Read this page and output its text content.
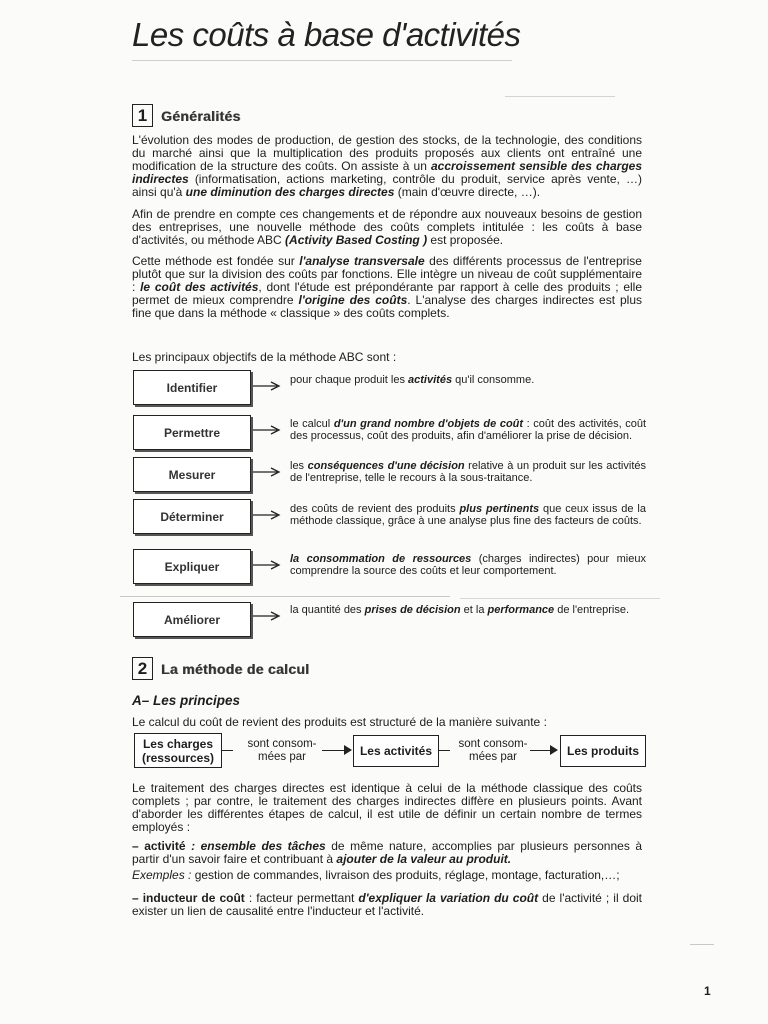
Les coûts à base d'activités
1 Généralités

L'évolution des modes de production, de gestion des stocks, de la technologie, des conditions du marché ainsi que la multiplication des produits proposés aux clients ont entraîné une modification de la structure des coûts. On assiste à un accroissement sensible des charges indirectes (informatisation, actions marketing, contrôle du produit, service après vente, …) ainsi qu'à une diminution des charges directes (main d'œuvre directe, …).

Afin de prendre en compte ces changements et de répondre aux nouveaux besoins de gestion des entreprises, une nouvelle méthode des coûts complets intitulée : les coûts à base d'activités, ou méthode ABC (Activity Based Costing ) est proposée.

Cette méthode est fondée sur l'analyse transversale des différents processus de l'entreprise plutôt que sur la division des coûts par fonctions. Elle intègre un niveau de coût supplémentaire : le coût des activités, dont l'étude est prépondérante par rapport à celle des produits ; elle permet de mieux comprendre l'origine des coûts. L'analyse des charges indirectes est plus fine que dans la méthode « classique » des coûts complets.

Les principaux objectifs de la méthode ABC sont :
Identifier
pour chaque produit les activités qu'il consomme.
Permettre
le calcul d'un grand nombre d'objets de coût : coût des activités, coût des processus, coût des produits, afin d'améliorer la prise de décision.
Mesurer
les conséquences d'une décision relative à un produit sur les activités de l'entreprise, telle le recours à la sous-traitance.
Déterminer
des coûts de revient des produits plus pertinents que ceux issus de la méthode classique, grâce à une analyse plus fine des facteurs de coûts.
Expliquer
la consommation de ressources (charges indirectes) pour mieux comprendre la source des coûts et leur comportement.
Améliorer
la quantité des prises de décision et la performance de l'entreprise.
2 La méthode de calcul
A– Les principes
Le calcul du coût de revient des produits est structuré de la manière suivante :
Les charges
(ressources)
sont consom-
mées par	Les activités	sont consom-
mées par	Les produits

Le traitement des charges directes est identique à celui de la méthode classique des coûts complets ; par contre, le traitement des charges indirectes diffère en plusieurs points. Avant d'aborder les différentes étapes de calcul, il est utile de définir un certain nombre de termes employés :

– activité : ensemble des tâches de même nature, accomplies par plusieurs personnes à partir d'un savoir faire et contribuant à ajouter de la valeur au produit.

Exemples : gestion de commandes, livraison des produits, réglage, montage, facturation,…;

– inducteur de coût : facteur permettant d'expliquer la variation du coût de l'activité ; il doit exister un lien de causalité entre l'inducteur et l'activité.

1
